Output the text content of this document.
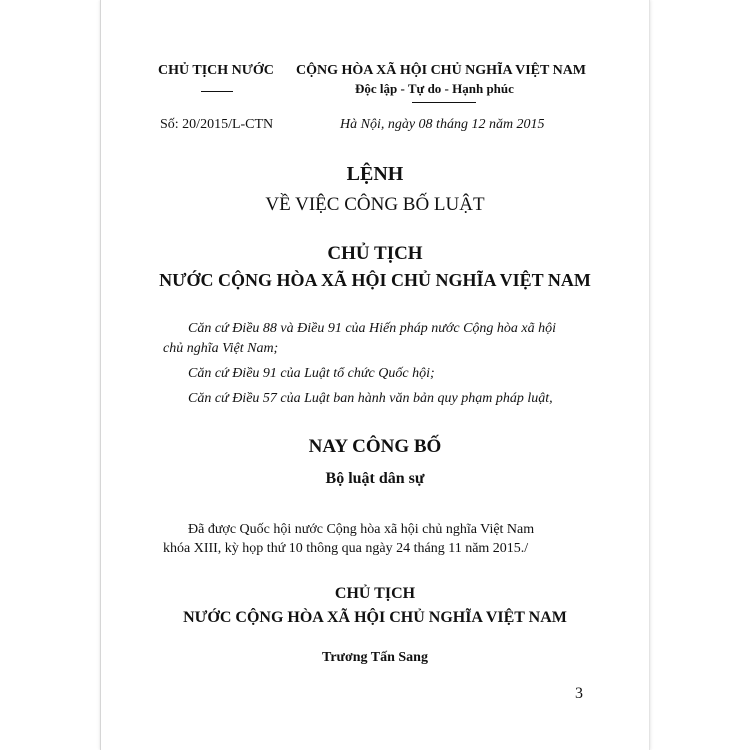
CHỦ TỊCH NƯỚC CỘNG HÒA XÃ HỘI CHỦ NGHĨA VIỆT NAM
Độc lập - Tự do - Hạnh phúc
Số: 20/2015/L-CTN	Hà Nội, ngày 08 tháng 12 năm 2015
LỆNH
VỀ VIỆC CÔNG BỐ LUẬT
CHỦ TỊCH
NƯỚC CỘNG HÒA XÃ HỘI CHỦ NGHĨA VIỆT NAM
Căn cứ Điều 88 và Điều 91 của Hiến pháp nước Cộng hòa xã hội
chủ nghĩa Việt Nam;
Căn cứ Điều 91 của Luật tổ chức Quốc hội;
Căn cứ Điều 57 của Luật ban hành văn bản quy phạm pháp luật,
NAY CÔNG BỐ
Bộ luật dân sự
Đã được Quốc hội nước Cộng hòa xã hội chủ nghĩa Việt Nam
khóa XIII, kỳ họp thứ 10 thông qua ngày 24 tháng 11 năm 2015./
CHỦ TỊCH
NƯỚC CỘNG HÒA XÃ HỘI CHỦ NGHĨA VIỆT NAM
Trương Tấn Sang
3
